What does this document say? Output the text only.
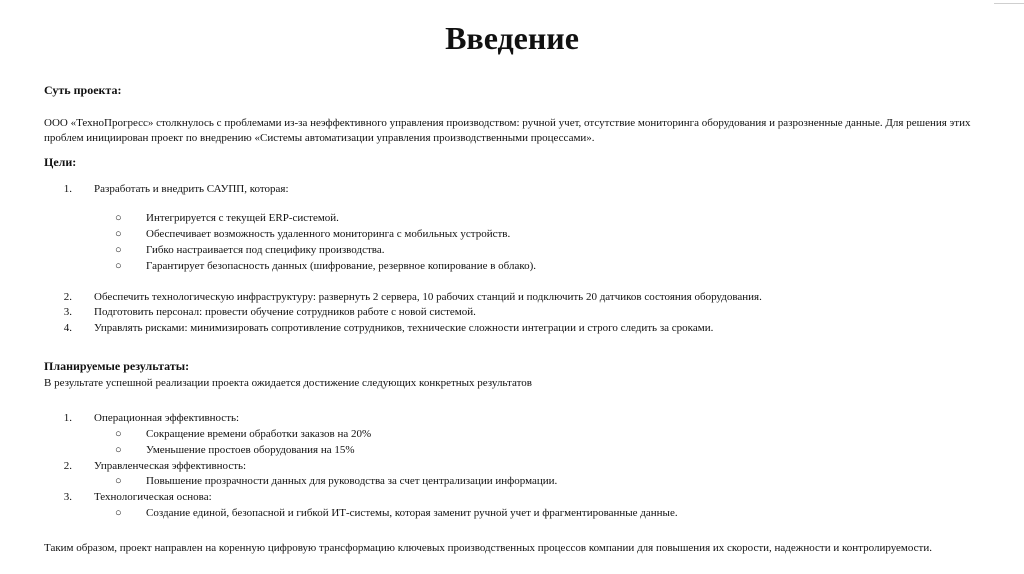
Введение
Суть проекта:
ООО «ТехноПрогресс» столкнулось с проблемами из-за неэффективного управления производством: ручной учет, отсутствие мониторинга оборудования и разрозненные данные. Для решения этих проблем инициирован проект по внедрению «Системы автоматизации управления производственными процессами».
Цели:
1. Разработать и внедрить САУПП, которая:
○ Интегрируется с текущей ERP-системой.
○ Обеспечивает возможность удаленного мониторинга с мобильных устройств.
○ Гибко настраивается под специфику производства.
○ Гарантирует безопасность данных (шифрование, резервное копирование в облако).
2. Обеспечить технологическую инфраструктуру: развернуть 2 сервера, 10 рабочих станций и подключить 20 датчиков состояния оборудования.
3. Подготовить персонал: провести обучение сотрудников работе с новой системой.
4. Управлять рисками: минимизировать сопротивление сотрудников, технические сложности интеграции и строго следить за сроками.
Планируемые результаты:
В результате успешной реализации проекта ожидается достижение следующих конкретных результатов
1. Операционная эффективность:
○ Сокращение времени обработки заказов на 20%
○ Уменьшение простоев оборудования на 15%
2. Управленческая эффективность:
○ Повышение прозрачности данных для руководства за счет централизации информации.
3. Технологическая основа:
○ Создание единой, безопасной и гибкой ИТ-системы, которая заменит ручной учет и фрагментированные данные.
Таким образом, проект направлен на коренную цифровую трансформацию ключевых производственных процессов компании для повышения их скорости, надежности и контролируемости.
